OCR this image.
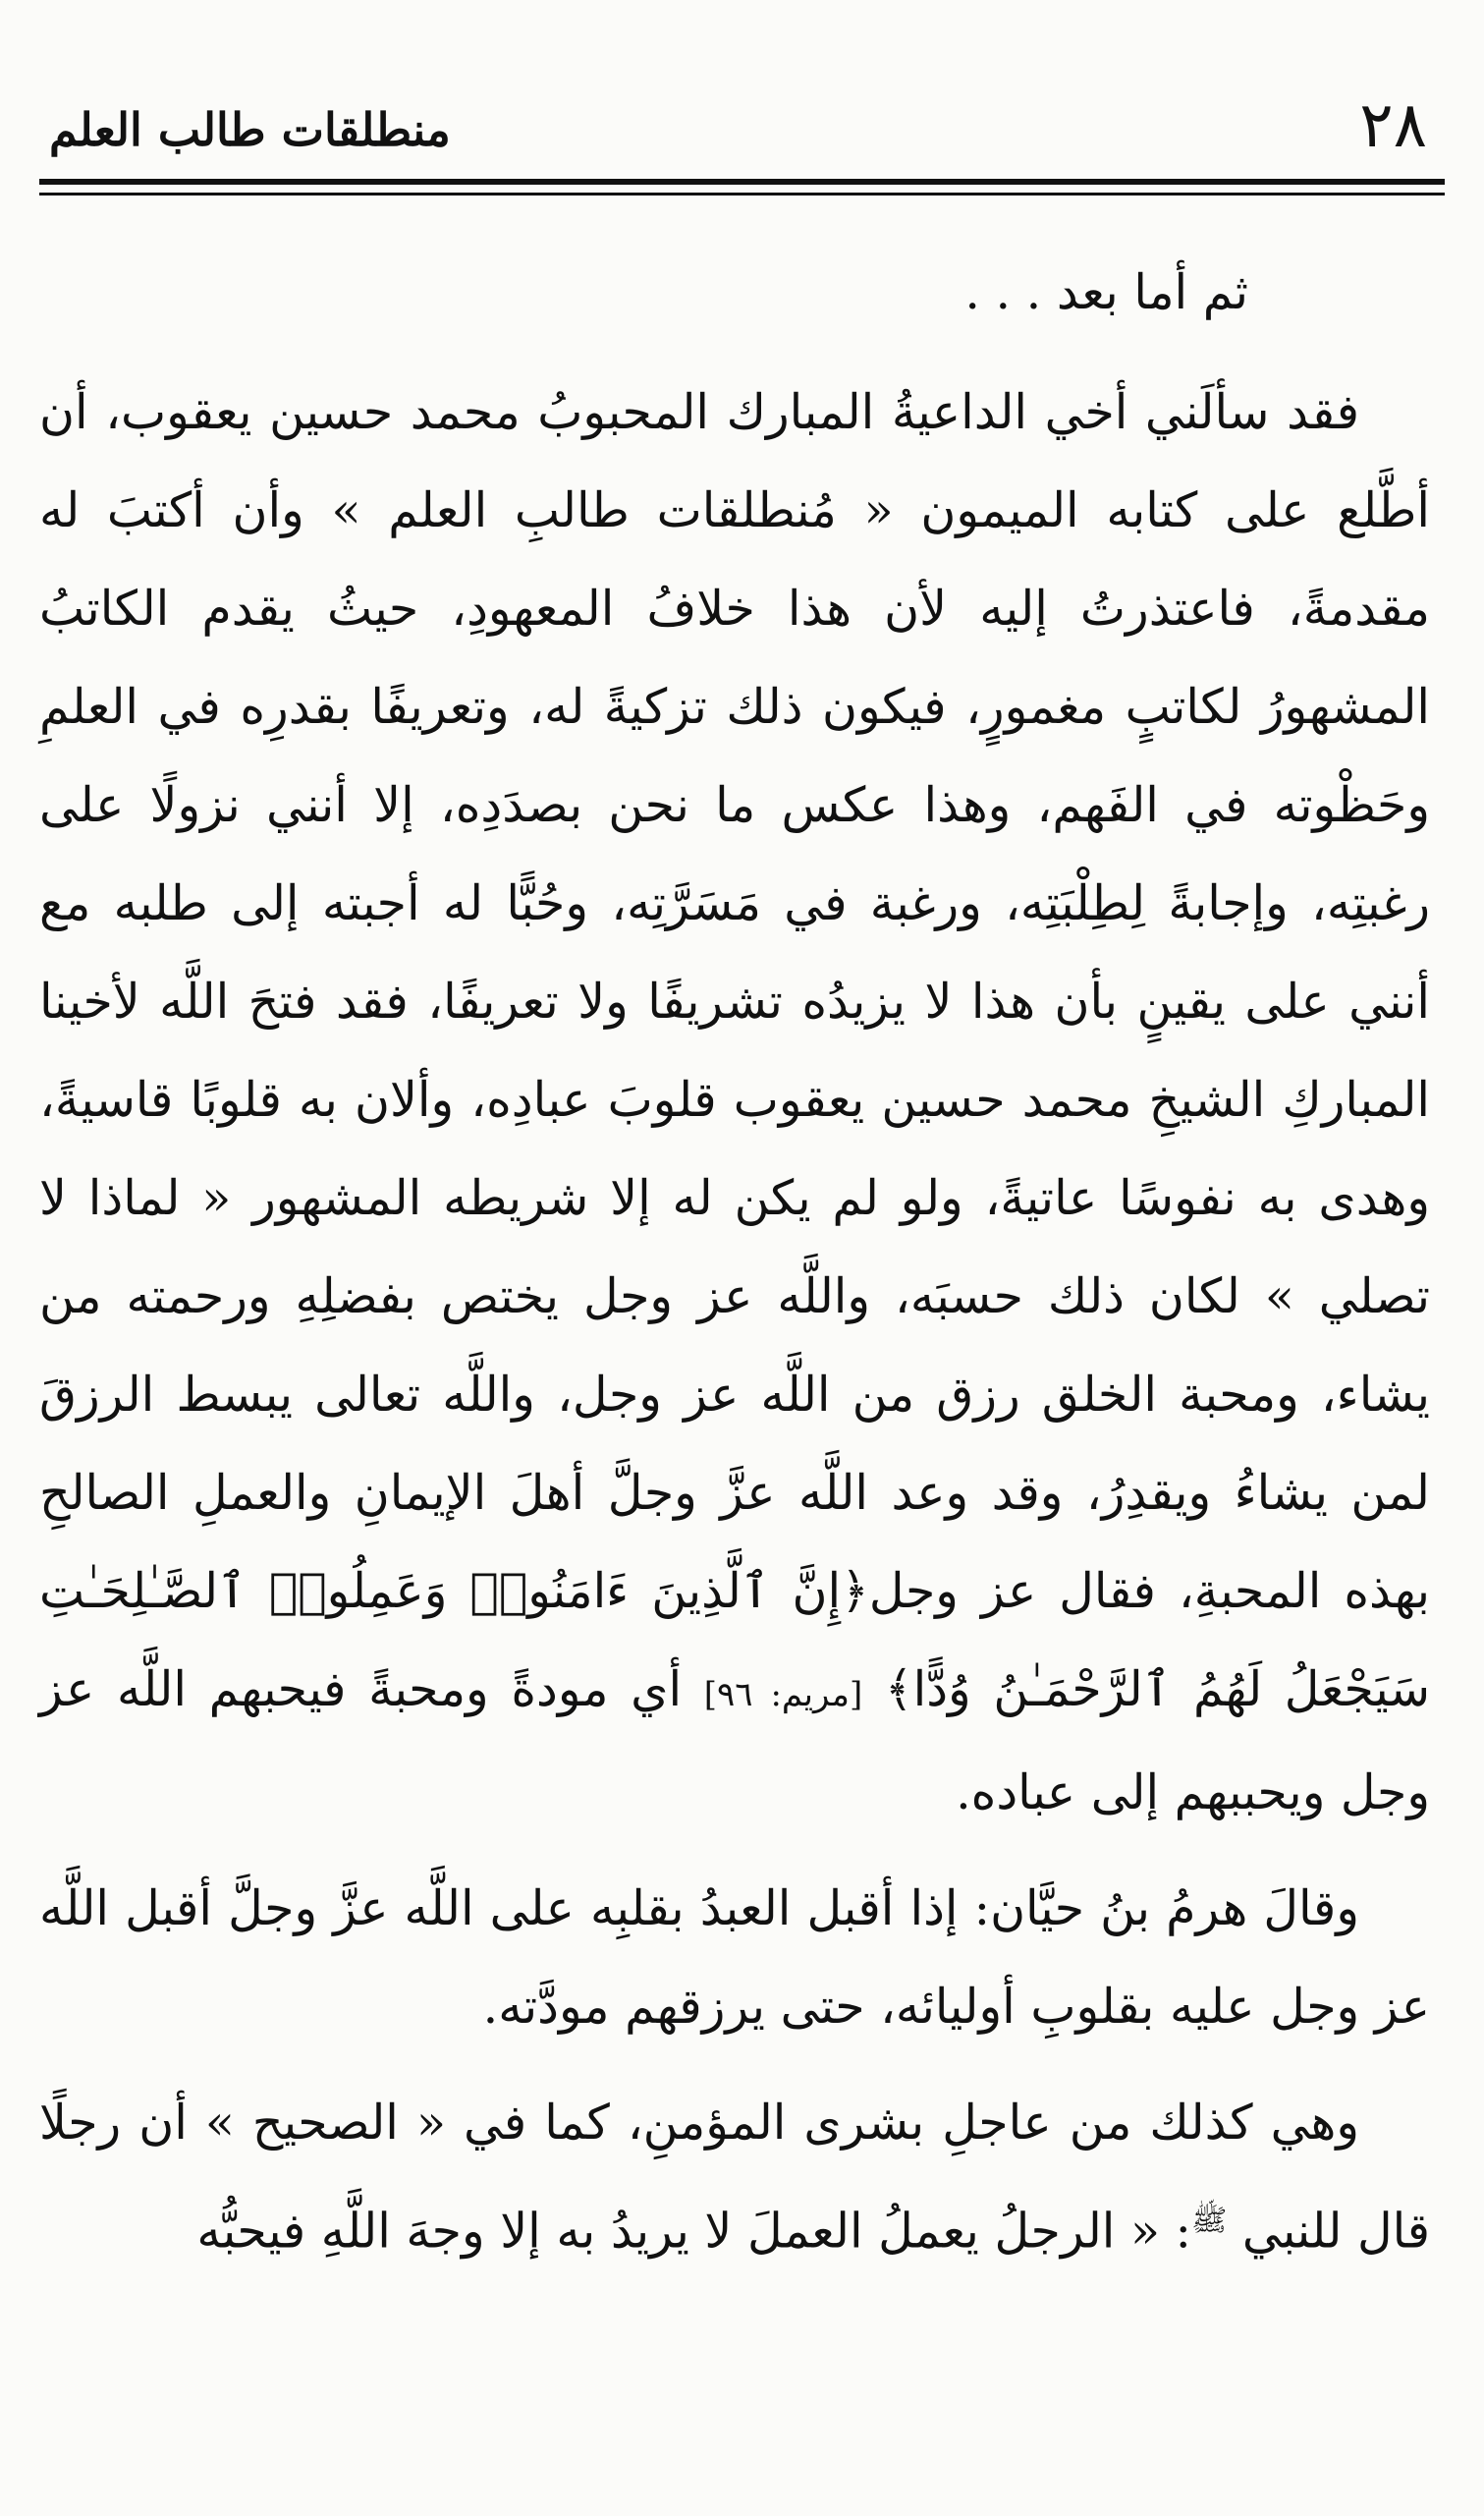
٢٨
منطلقات طالب العلم

ثم أما بعد . . .

فقد سألَني أخي الداعيةُ المبارك المحبوبُ محمد حسين يعقوب، أن أطَّلع على كتابه الميمون « مُنطلقات طالبِ العلم » وأن أكتبَ له مقدمةً، فاعتذرتُ إليه لأن هذا خلافُ المعهودِ، حيثُ يقدم الكاتبُ المشهورُ لكاتبٍ مغمورٍ، فيكون ذلك تزكيةً له، وتعريفًا بقدرِه في العلمِ وحَظْوته في الفَهم، وهذا عكس ما نحن بصدَدِه، إلا أنني نزولًا على رغبتِه، وإجابةً لِطِلْبَتِه، ورغبة في مَسَرَّتِه، وحُبًّا له أجبته إلى طلبه مع أنني على يقينٍ بأن هذا لا يزيدُه تشريفًا ولا تعريفًا، فقد فتحَ اللَّه لأخينا المباركِ الشيخِ محمد حسين يعقوب قلوبَ عبادِه، وألان به قلوبًا قاسيةً، وهدى به نفوسًا عاتيةً، ولو لم يكن له إلا شريطه المشهور « لماذا لا تصلي » لكان ذلك حسبَه، واللَّه عز وجل يختص بفضلِهِ ورحمته من يشاء، ومحبة الخلق رزق من اللَّه عز وجل، واللَّه تعالى يبسط الرزقَ لمن يشاءُ ويقدِرُ، وقد وعد اللَّه عزَّ وجلَّ أهلَ الإيمانِ والعملِ الصالحِ بهذه المحبةِ، فقال عز وجل﴿إِنَّ ٱلَّذِينَ ءَامَنُوا۟ وَعَمِلُوا۟ ٱلصَّـٰلِحَـٰتِ سَيَجْعَلُ لَهُمُ ٱلرَّحْمَـٰنُ وُدًّا﴾ [مريم: ٩٦] أي مودةً ومحبةً فيحبهم اللَّه عز وجل ويحببهم إلى عباده.

وقالَ هرمُ بنُ حيَّان: إذا أقبل العبدُ بقلبِه على اللَّه عزَّ وجلَّ أقبل اللَّه عز وجل عليه بقلوبِ أوليائه، حتى يرزقهم مودَّته.

وهي كذلك من عاجلِ بشرى المؤمنِ، كما في « الصحيح » أن رجلًا قال للنبي $^ﷺ$: « الرجلُ يعملُ العملَ لا يريدُ به إلا وجهَ اللَّهِ فيحبُّه
